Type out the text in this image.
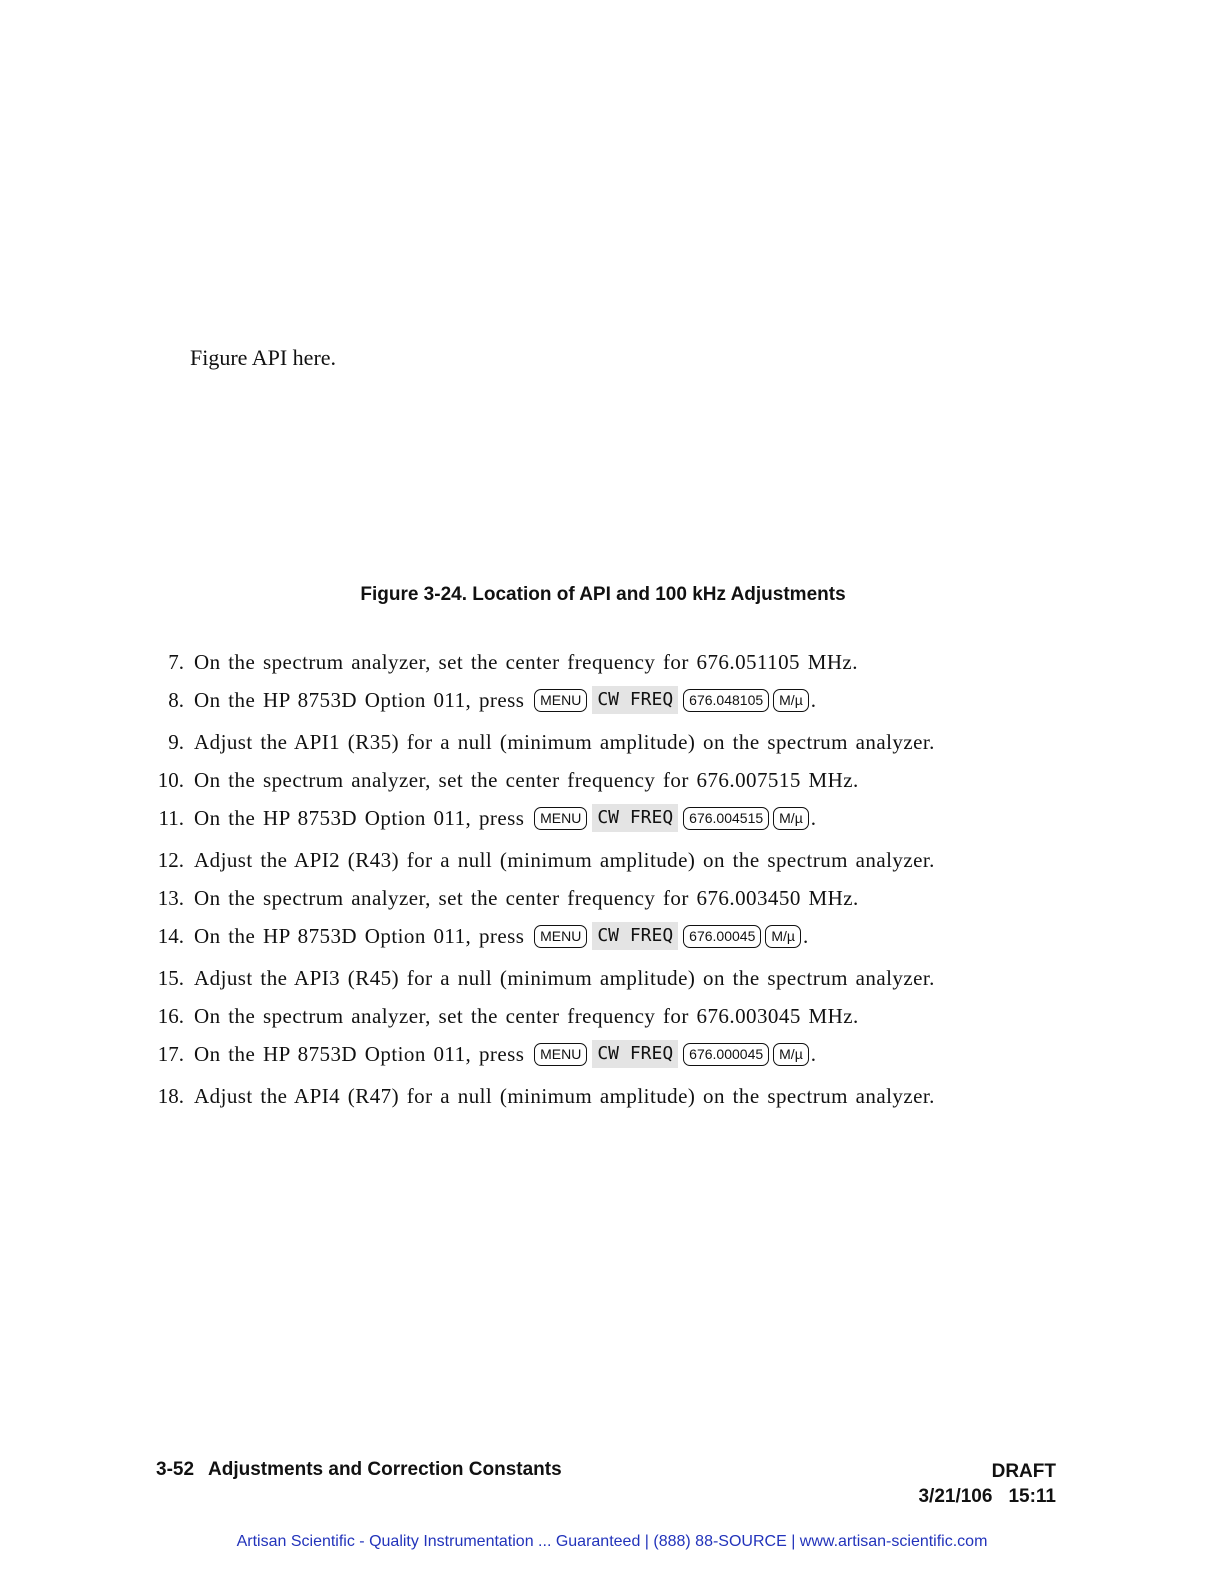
Figure API here.
Figure 3-24. Location of API and 100 kHz Adjustments
7. On the spectrum analyzer, set the center frequency for 676.051105 MHz.
8. On the HP 8753D Option 011, press MENU CW FREQ 676.048105 M/µ .
9. Adjust the API1 (R35) for a null (minimum amplitude) on the spectrum analyzer.
10. On the spectrum analyzer, set the center frequency for 676.007515 MHz.
11. On the HP 8753D Option 011, press MENU CW FREQ 676.004515 M/µ .
12. Adjust the API2 (R43) for a null (minimum amplitude) on the spectrum analyzer.
13. On the spectrum analyzer, set the center frequency for 676.003450 MHz.
14. On the HP 8753D Option 011, press MENU CW FREQ 676.00045 M/µ .
15. Adjust the API3 (R45) for a null (minimum amplitude) on the spectrum analyzer.
16. On the spectrum analyzer, set the center frequency for 676.003045 MHz.
17. On the HP 8753D Option 011, press MENU CW FREQ 676.000045 M/µ .
18. Adjust the API4 (R47) for a null (minimum amplitude) on the spectrum analyzer.
3-52 Adjustments and Correction Constants	DRAFT
3/21/106 15:11
Artisan Scientific - Quality Instrumentation ... Guaranteed | (888) 88-SOURCE | www.artisan-scientific.com
